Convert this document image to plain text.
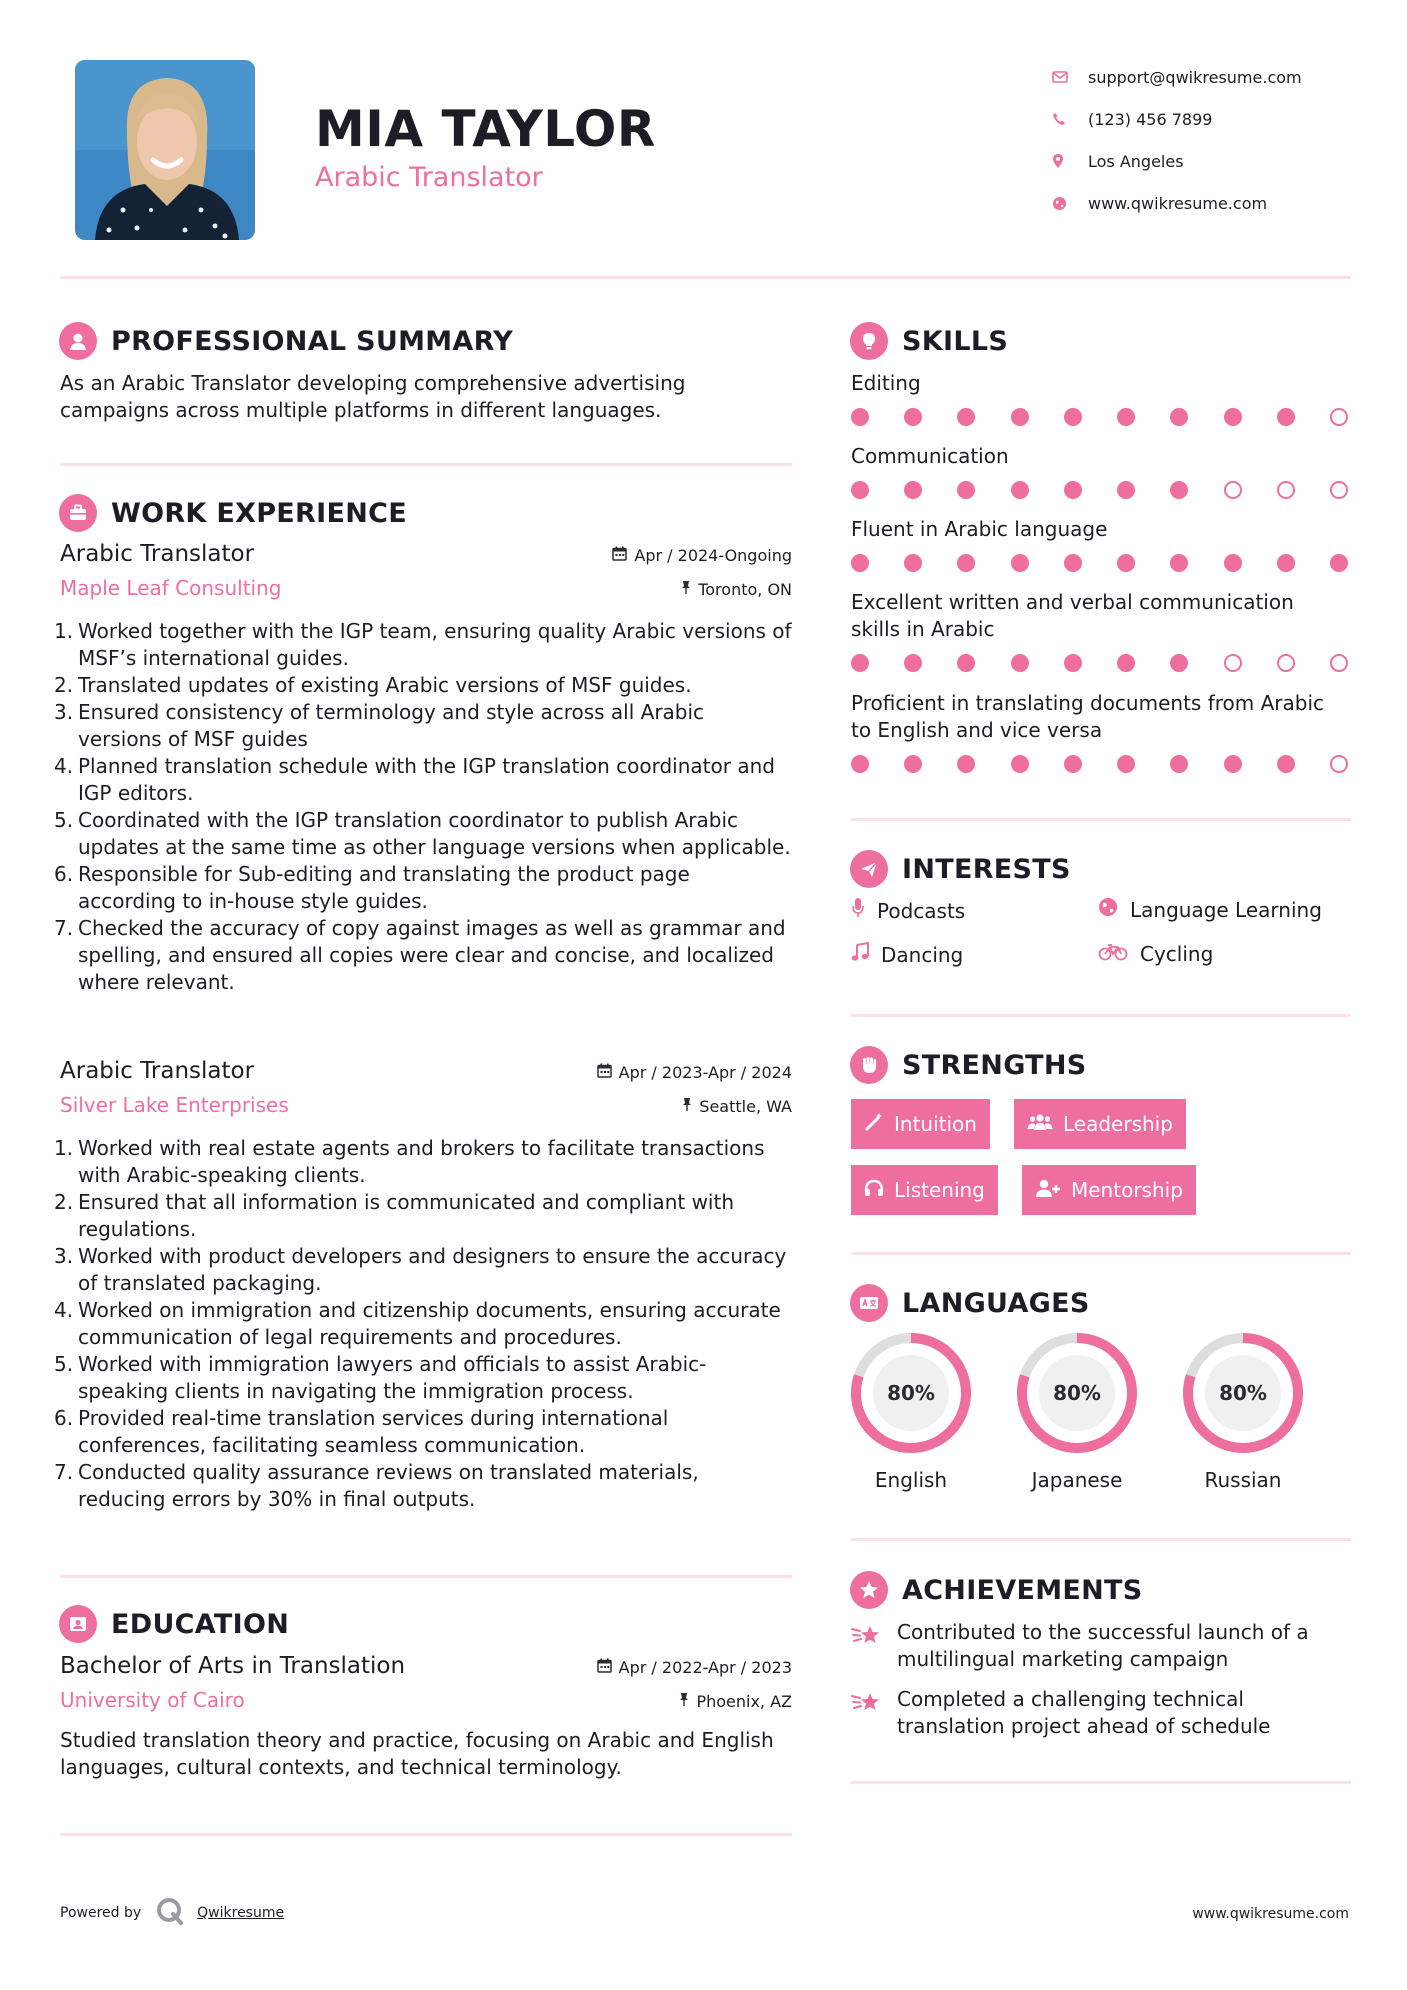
MIA TAYLOR
Arabic Translator
support@qwikresume.com
(123) 456 7899
Los Angeles
www.qwikresume.com
PROFESSIONAL SUMMARY
As an Arabic Translator developing comprehensive advertising campaigns across multiple platforms in different languages.
WORK EXPERIENCE
Arabic Translator	Apr / 2024-Ongoing
Maple Leaf Consulting	Toronto, ON
1. Worked together with the IGP team, ensuring quality Arabic versions of MSF’s international guides.
2. Translated updates of existing Arabic versions of MSF guides.
3. Ensured consistency of terminology and style across all Arabic versions of MSF guides
4. Planned translation schedule with the IGP translation coordinator and IGP editors.
5. Coordinated with the IGP translation coordinator to publish Arabic updates at the same time as other language versions when applicable.
6. Responsible for Sub-editing and translating the product page according to in-house style guides.
7. Checked the accuracy of copy against images as well as grammar and spelling, and ensured all copies were clear and concise, and localized where relevant.
Arabic Translator	Apr / 2023-Apr / 2024
Silver Lake Enterprises	Seattle, WA
1. Worked with real estate agents and brokers to facilitate transactions with Arabic-speaking clients.
2. Ensured that all information is communicated and compliant with regulations.
3. Worked with product developers and designers to ensure the accuracy of translated packaging.
4. Worked on immigration and citizenship documents, ensuring accurate communication of legal requirements and procedures.
5. Worked with immigration lawyers and officials to assist Arabic-speaking clients in navigating the immigration process.
6. Provided real-time translation services during international conferences, facilitating seamless communication.
7. Conducted quality assurance reviews on translated materials, reducing errors by 30% in final outputs.
EDUCATION
Bachelor of Arts in Translation	Apr / 2022-Apr / 2023
University of Cairo	Phoenix, AZ
Studied translation theory and practice, focusing on Arabic and English languages, cultural contexts, and technical terminology.
SKILLS
Editing
Communication
Fluent in Arabic language
Excellent written and verbal communication skills in Arabic
Proficient in translating documents from Arabic to English and vice versa
INTERESTS
Podcasts	Language Learning
Dancing	Cycling
STRENGTHS
Intuition	Leadership
Listening	Mentorship
LANGUAGES
80%
English
80%
Japanese
80%
Russian
ACHIEVEMENTS
Contributed to the successful launch of a multilingual marketing campaign
Completed a challenging technical translation project ahead of schedule
Powered by	Qwikresume	www.qwikresume.com
